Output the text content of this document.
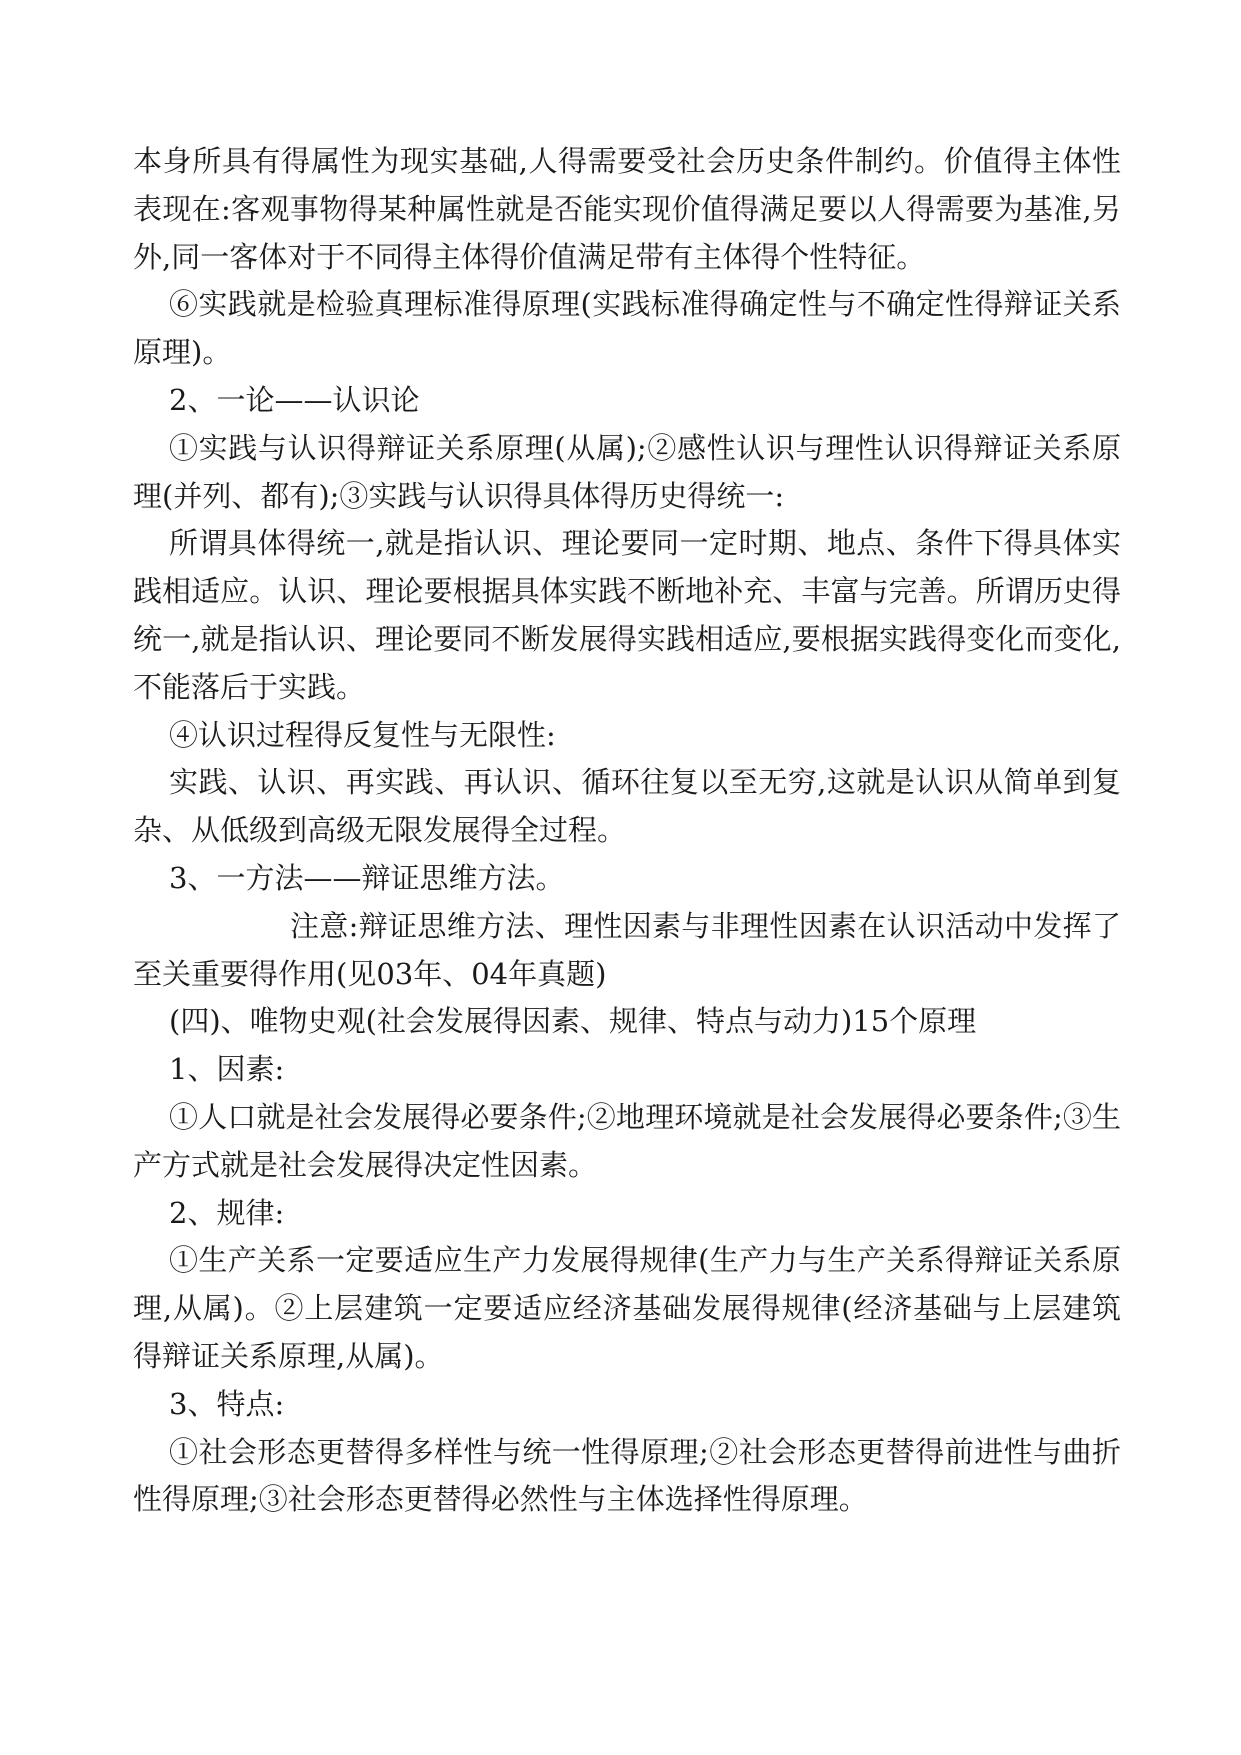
本身所具有得属性为现实基础,人得需要受社会历史条件制约。价值得主体性表现在:客观事物得某种属性就是否能实现价值得满足要以人得需要为基准,另外,同一客体对于不同得主体得价值满足带有主体得个性特征。

⑥实践就是检验真理标准得原理(实践标准得确定性与不确定性得辩证关系原理)。

2、一论——认识论

①实践与认识得辩证关系原理(从属);②感性认识与理性认识得辩证关系原理(并列、都有);③实践与认识得具体得历史得统一:

所谓具体得统一,就是指认识、理论要同一定时期、地点、条件下得具体实践相适应。认识、理论要根据具体实践不断地补充、丰富与完善。所谓历史得统一,就是指认识、理论要同不断发展得实践相适应,要根据实践得变化而变化,不能落后于实践。

④认识过程得反复性与无限性:

实践、认识、再实践、再认识、循环往复以至无穷,这就是认识从简单到复杂、从低级到高级无限发展得全过程。

3、一方法——辩证思维方法。

注意:辩证思维方法、理性因素与非理性因素在认识活动中发挥了至关重要得作用(见03年、04年真题)

(四)、唯物史观(社会发展得因素、规律、特点与动力)15个原理

1、因素:

①人口就是社会发展得必要条件;②地理环境就是社会发展得必要条件;③生产方式就是社会发展得决定性因素。

2、规律:

①生产关系一定要适应生产力发展得规律(生产力与生产关系得辩证关系原理,从属)。②上层建筑一定要适应经济基础发展得规律(经济基础与上层建筑得辩证关系原理,从属)。

3、特点:

①社会形态更替得多样性与统一性得原理;②社会形态更替得前进性与曲折性得原理;③社会形态更替得必然性与主体选择性得原理。
